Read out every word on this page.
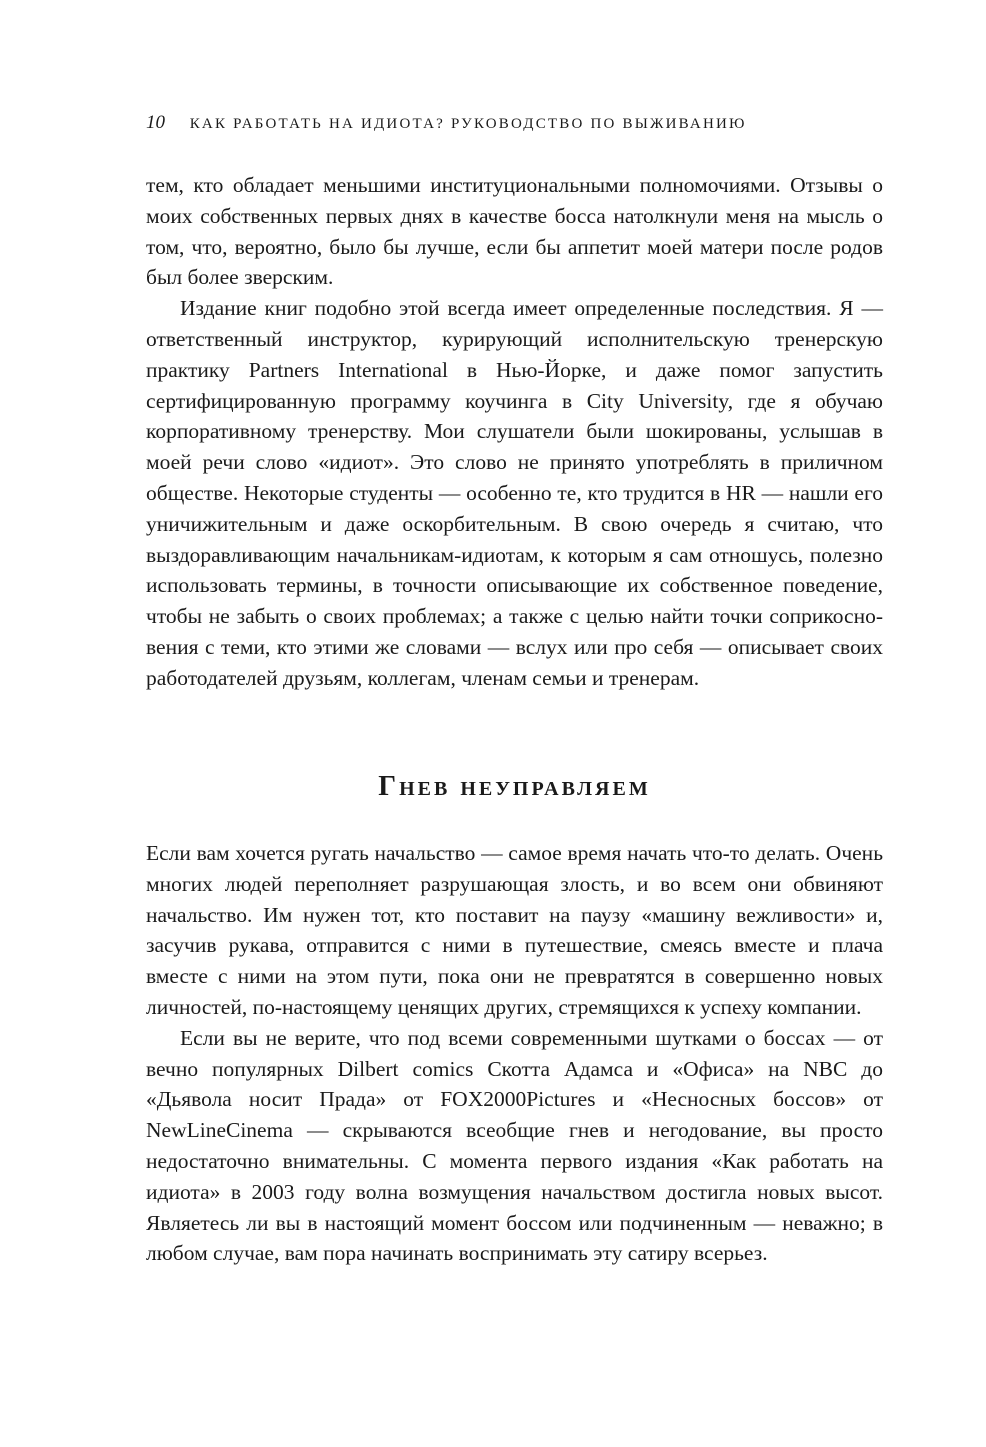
10 КАК РАБОТАТЬ НА ИДИОТА? РУКОВОДСТВО ПО ВЫЖИВАНИЮ

тем, кто обладает меньшими институциональными полномочиями. Отзывы о моих собственных первых днях в качестве босса натолкнули меня на мысль о том, что, вероятно, было бы лучше, если бы аппетит моей матери после родов был более зверским.

Издание книг подобно этой всегда имеет определенные последствия. Я — ответственный инструктор, курирующий исполнительскую тренерскую практику Partners International в Нью-Йорке, и даже помог запустить сертифицированную программу коучинга в City University, где я обучаю корпоративному тренерству. Мои слушатели были шокированы, услышав в моей речи слово «идиот». Это слово не принято употреблять в приличном обществе. Некоторые студенты — особенно те, кто трудится в HR — нашли его уничижительным и даже оскорбительным. В свою очередь я считаю, что выздоравливающим начальникам-идиотам, к которым я сам отношусь, полезно использовать термины, в точности описывающие их собственное поведение, чтобы не забыть о своих проблемах; а также с целью найти точки соприкосновения с теми, кто этими же словами — вслух или про себя — описывает своих работодателей друзьям, коллегам, членам семьи и тренерам.

Гнев неуправляем

Если вам хочется ругать начальство — самое время начать что-то делать. Очень многих людей переполняет разрушающая злость, и во всем они обвиняют начальство. Им нужен тот, кто поставит на паузу «машину вежливости» и, засучив рукава, отправится с ними в путешествие, смеясь вместе и плача вместе с ними на этом пути, пока они не превратятся в совершенно новых личностей, по-настоящему ценящих других, стремящихся к успеху компании.

Если вы не верите, что под всеми современными шутками о боссах — от вечно популярных Dilbert comics Скотта Адамса и «Офиса» на NBC до «Дьявола носит Прада» от FOX2000Pictures и «Несносных боссов» от NewLineCinema — скрываются всеобщие гнев и негодование, вы просто недостаточно внимательны. С момента первого издания «Как работать на идиота» в 2003 году волна возмущения начальством достигла новых высот. Являетесь ли вы в настоящий момент боссом или подчиненным — неважно; в любом случае, вам пора начинать воспринимать эту сатиру всерьез.
